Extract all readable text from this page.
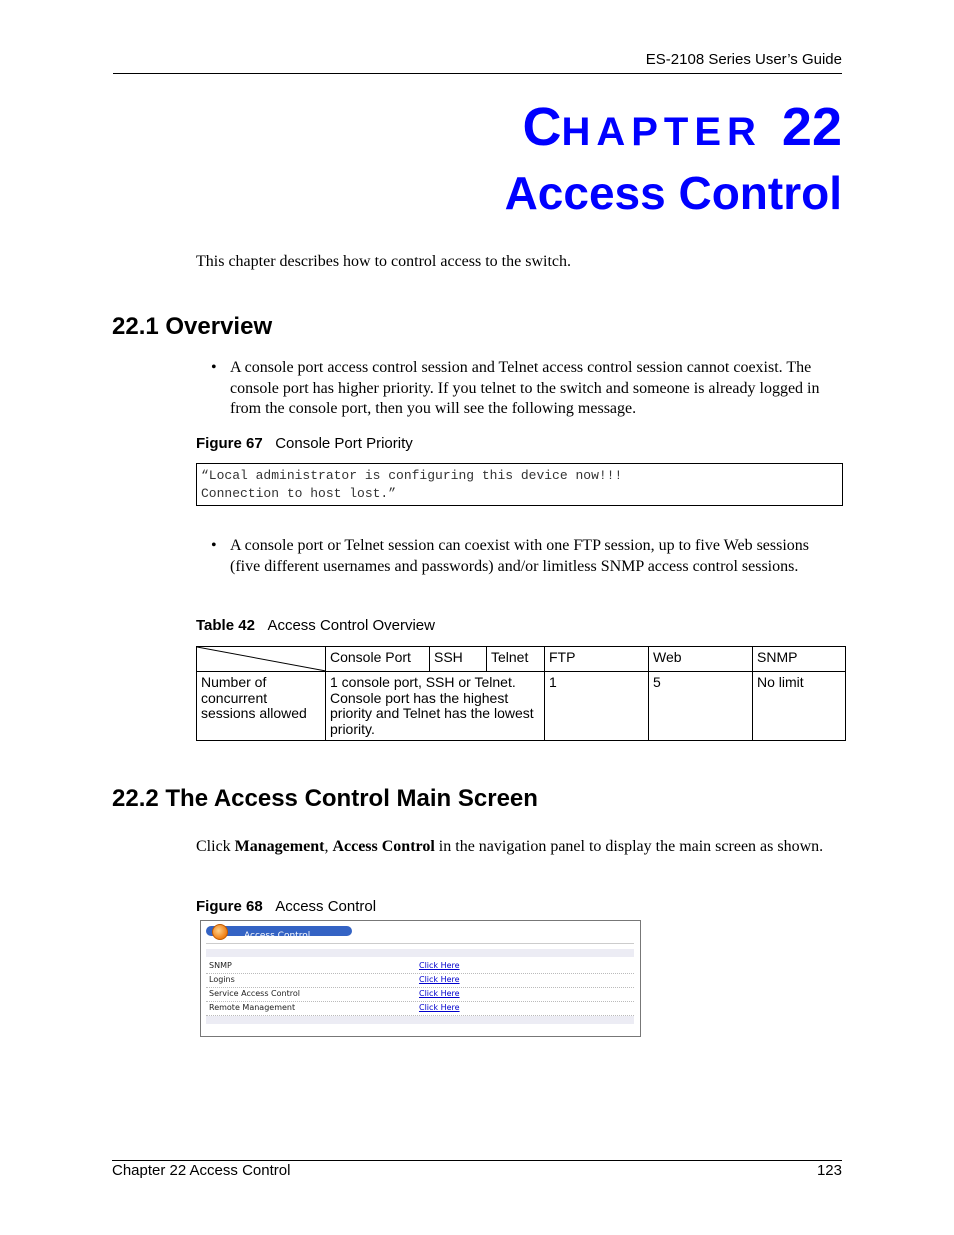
ES-2108 Series User’s Guide
CHAPTER 22
Access Control
This chapter describes how to control access to the switch.
22.1 Overview
• A console port access control session and Telnet access control session cannot coexist. The console port has higher priority. If you telnet to the switch and someone is already logged in from the console port, then you will see the following message.
Figure 67 Console Port Priority
“Local administrator is configuring this device now!!!
Connection to host lost.”
• A console port or Telnet session can coexist with one FTP session, up to five Web sessions (five different usernames and passwords) and/or limitless SNMP access control sessions.
Table 42 Access Control Overview
	Console Port	SSH	Telnet	FTP	Web	SNMP
Number of concurrent sessions allowed	1 console port, SSH or Telnet. Console port has the highest priority and Telnet has the lowest priority.			1	5	No limit
22.2 The Access Control Main Screen
Click Management, Access Control in the navigation panel to display the main screen as shown.
Figure 68 Access Control
Access Control
SNMP	Click Here
Logins	Click Here
Service Access Control	Click Here
Remote Management	Click Here
Chapter 22 Access Control	123
